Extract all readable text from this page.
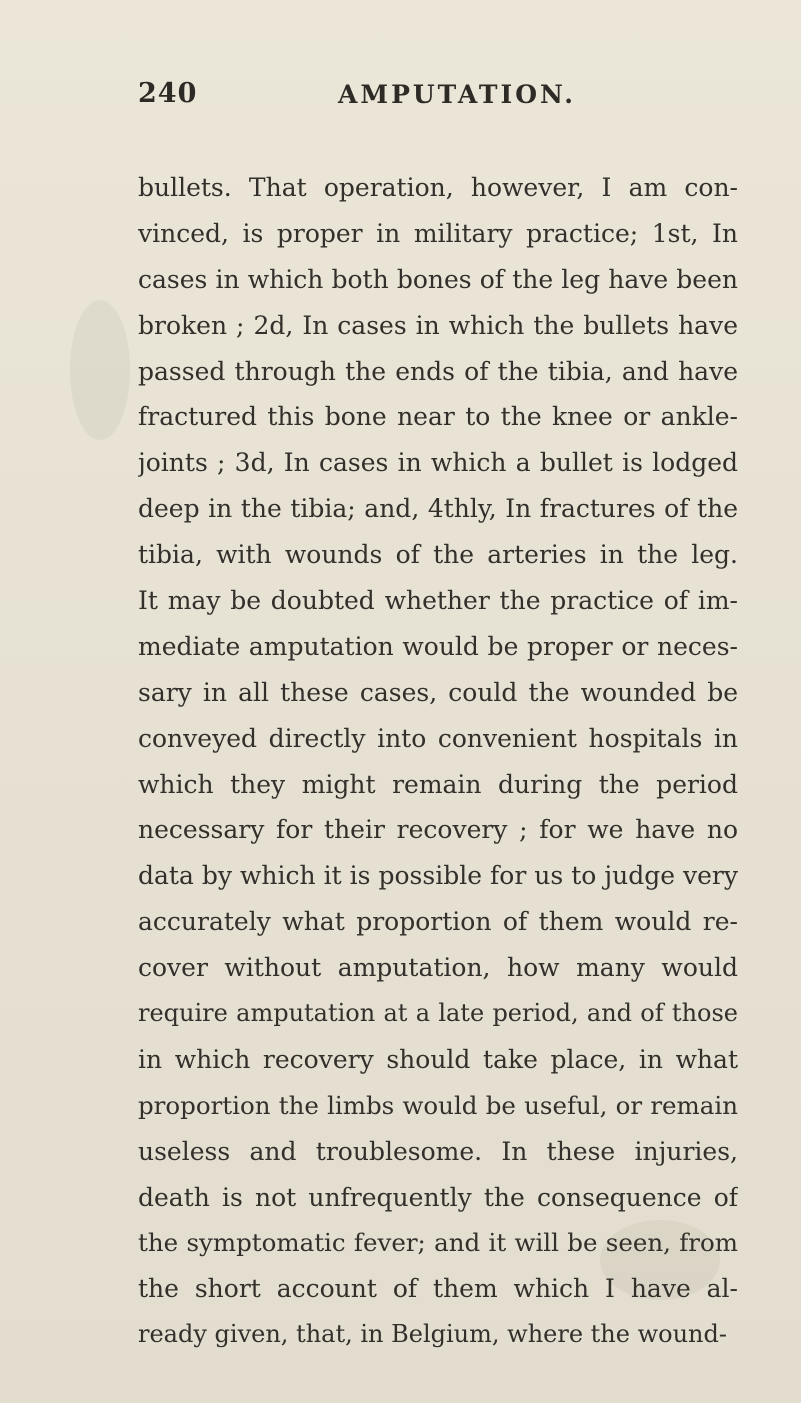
240	AMPUTATION.
bullets. That operation, however, I am con-
vinced, is proper in military practice; 1st, In
cases in which both bones of the leg have been
broken ; 2d, In cases in which the bullets have
passed through the ends of the tibia, and have
fractured this bone near to the knee or ankle-
joints ; 3d, In cases in which a bullet is lodged
deep in the tibia; and, 4thly, In fractures of the
tibia, with wounds of the arteries in the leg.
It may be doubted whether the practice of im-
mediate amputation would be proper or neces-
sary in all these cases, could the wounded be
conveyed directly into convenient hospitals in
which they might remain during the period
necessary for their recovery ; for we have no
data by which it is possible for us to judge very
accurately what proportion of them would re-
cover without amputation, how many would
require amputation at a late period, and of those
in which recovery should take place, in what
proportion the limbs would be useful, or remain
useless and troublesome. In these injuries,
death is not unfrequently the consequence of
the symptomatic fever; and it will be seen, from
the short account of them which I have al-
ready given, that, in Belgium, where the wound-
